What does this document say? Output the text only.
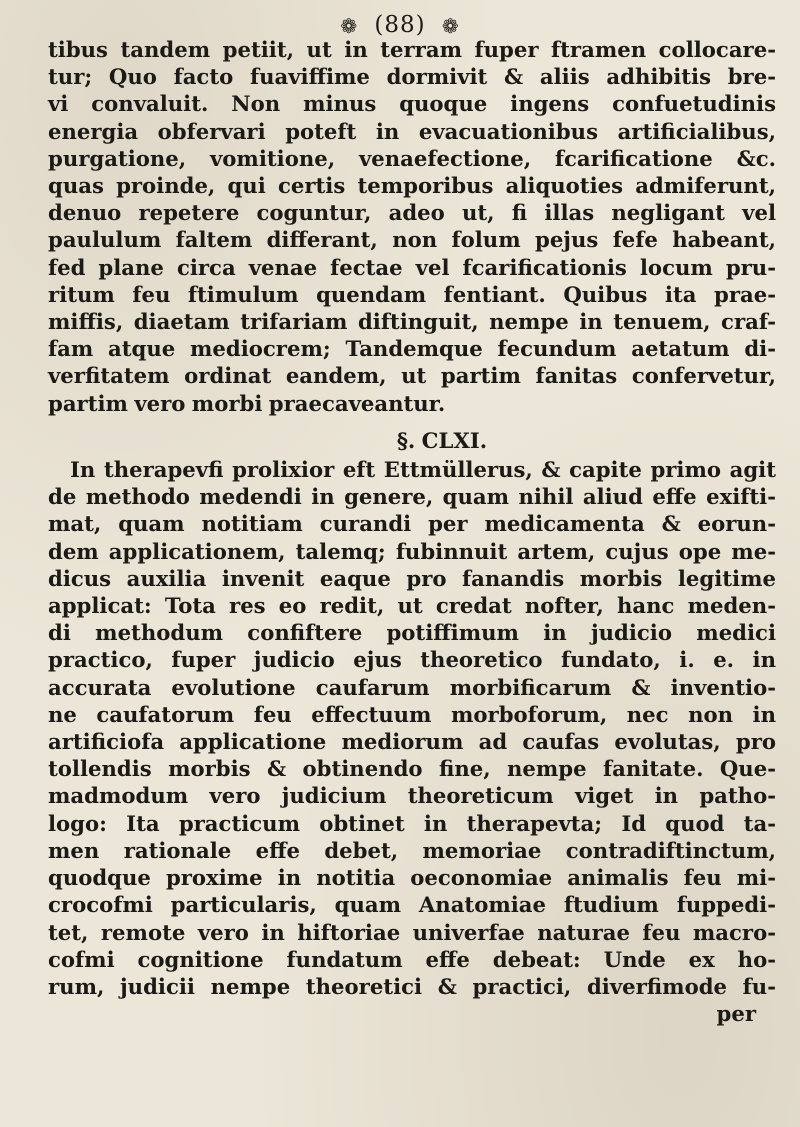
❁ (88) ❁
tibus tandem petiit, ut in terram fuper ftramen collocare-
tur; Quo facto fuaviffime dormivit & aliis adhibitis bre-
vi convaluit. Non minus quoque ingens confuetudinis
energia obfervari poteft in evacuationibus artificialibus,
purgatione, vomitione, venaefectione, fcarificatione &c.
quas proinde, qui certis temporibus aliquoties admiferunt,
denuo repetere coguntur, adeo ut, fi illas negligant vel
paululum faltem differant, non folum pejus fefe habeant,
fed plane circa venae fectae vel fcarificationis locum pru-
ritum feu ftimulum quendam fentiant. Quibus ita prae-
miffis, diaetam trifariam diftinguit, nempe in tenuem, craf-
fam atque mediocrem; Tandemque fecundum aetatum di-
verfitatem ordinat eandem, ut partim fanitas confervetur,
partim vero morbi praecaveantur.
§. CLXI.
In therapevfi prolixior eft Ettmüllerus, & capite primo agit
de methodo medendi in genere, quam nihil aliud effe exifti-
mat, quam notitiam curandi per medicamenta & eorun-
dem applicationem, talemq; fubinnuit artem, cujus ope me-
dicus auxilia invenit eaque pro fanandis morbis legitime
applicat: Tota res eo redit, ut credat nofter, hanc meden-
di methodum confiftere potiffimum in judicio medici
practico, fuper judicio ejus theoretico fundato, i. e. in
accurata evolutione caufarum morbificarum & inventio-
ne caufatorum feu effectuum morboforum, nec non in
artificiofa applicatione mediorum ad caufas evolutas, pro
tollendis morbis & obtinendo fine, nempe fanitate. Que-
madmodum vero judicium theoreticum viget in patho-
logo: Ita practicum obtinet in therapevta; Id quod ta-
men rationale effe debet, memoriae contradiftinctum,
quodque proxime in notitia oeconomiae animalis feu mi-
crocofmi particularis, quam Anatomiae ftudium fuppedi-
tet, remote vero in hiftoriae univerfae naturae feu macro-
cofmi cognitione fundatum effe debeat: Unde ex ho-
rum, judicii nempe theoretici & practici, diverfimode fu-
per
